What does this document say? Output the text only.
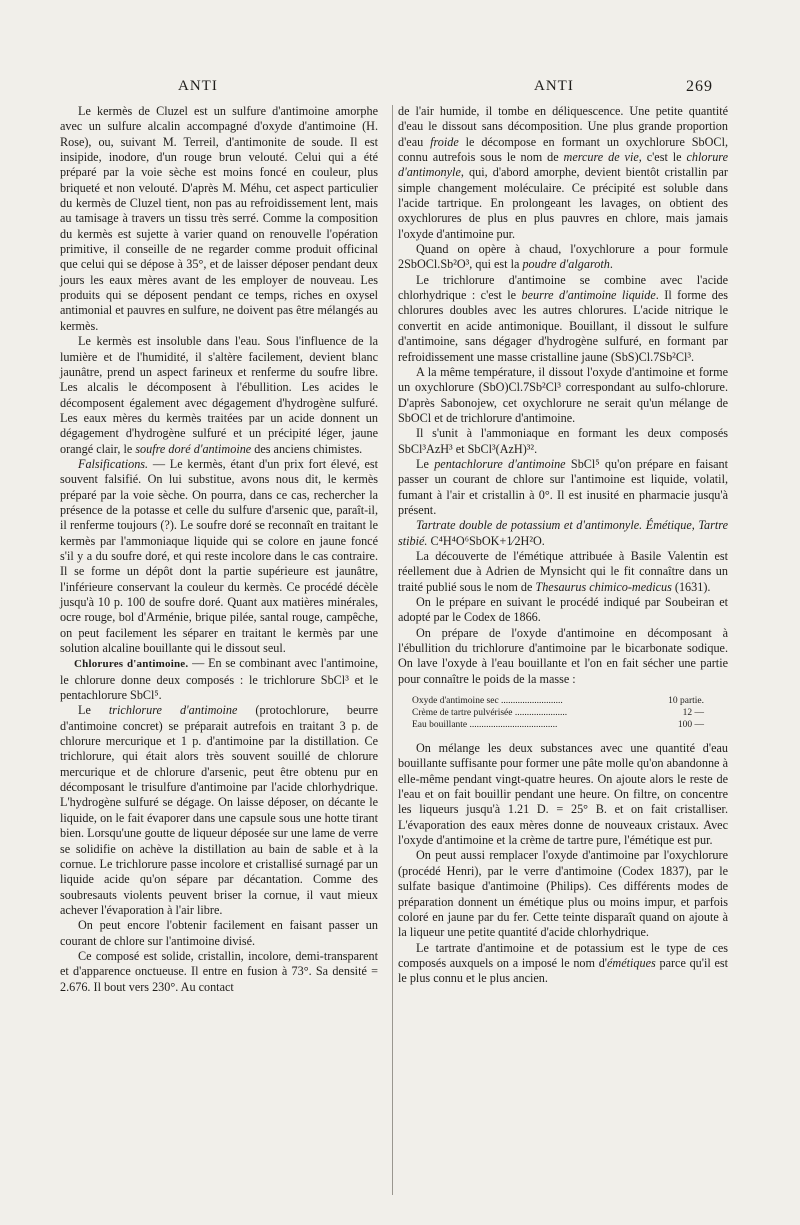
ANTI	ANTI	269

Le kermès de Cluzel est un sulfure d'antimoine amorphe avec un sulfure alcalin accompagné d'oxyde d'antimoine (H. Rose), ou, suivant M. Terreil, d'antimonite de soude. Il est insipide, inodore, d'un rouge brun velouté. Celui qui a été préparé par la voie sèche est moins foncé en couleur, plus briqueté et non velouté. D'après M. Méhu, cet aspect particulier du kermès de Cluzel tient, non pas au refroidissement lent, mais au tamisage à travers un tissu très serré. Comme la composition du kermès est sujette à varier quand on renouvelle l'opération primitive, il conseille de ne regarder comme produit officinal que celui qui se dépose à 35°, et de laisser déposer pendant deux jours les eaux mères avant de les employer de nouveau. Les produits qui se déposent pendant ce temps, riches en oxysel antimonial et pauvres en sulfure, ne doivent pas être mélangés au kermès.

Le kermès est insoluble dans l'eau. Sous l'influence de la lumière et de l'humidité, il s'altère facilement, devient blanc jaunâtre, prend un aspect farineux et renferme du soufre libre. Les alcalis le décomposent à l'ébullition. Les acides le décomposent également avec dégagement d'hydrogène sulfuré. Les eaux mères du kermès traitées par un acide donnent un dégagement d'hydrogène sulfuré et un précipité léger, jaune orangé clair, le soufre doré d'antimoine des anciens chimistes.

Falsifications. — Le kermès, étant d'un prix fort élevé, est souvent falsifié. On lui substitue, avons nous dit, le kermès préparé par la voie sèche. On pourra, dans ce cas, rechercher la présence de la potasse et celle du sulfure d'arsenic que, paraît-il, il renferme toujours (?). Le soufre doré se reconnaît en traitant le kermès par l'ammoniaque liquide qui se colore en jaune foncé s'il y a du soufre doré, et qui reste incolore dans le cas contraire. Il se forme un dépôt dont la partie supérieure est jaunâtre, l'inférieure conservant la couleur du kermès. Ce procédé décèle jusqu'à 10 p. 100 de soufre doré. Quant aux matières minérales, ocre rouge, bol d'Arménie, brique pilée, santal rouge, campêche, on peut facilement les séparer en traitant le kermès par une solution alcaline bouillante qui le dissout seul.

Chlorures d'antimoine. — En se combinant avec l'antimoine, le chlorure donne deux composés : le trichlorure SbCl³ et le pentachlorure SbCl⁵.

Le trichlorure d'antimoine (protochlorure, beurre d'antimoine concret) se préparait autrefois en traitant 3 p. de chlorure mercurique et 1 p. d'antimoine par la distillation. Ce trichlorure, qui était alors très souvent souillé de chlorure mercurique et de chlorure d'arsenic, peut être obtenu pur en décomposant le trisulfure d'antimoine par l'acide chlorhydrique. L'hydrogène sulfuré se dégage. On laisse déposer, on décante le liquide, on le fait évaporer dans une capsule sous une hotte tirant bien. Lorsqu'une goutte de liqueur déposée sur une lame de verre se solidifie on achève la distillation au bain de sable et à la cornue. Le trichlorure passe incolore et cristallisé surnagé par un liquide acide qu'on sépare par décantation. Comme des soubresauts violents peuvent briser la cornue, il vaut mieux achever l'évaporation à l'air libre.

On peut encore l'obtenir facilement en faisant passer un courant de chlore sur l'antimoine divisé.

Ce composé est solide, cristallin, incolore, demi-transparent et d'apparence onctueuse. Il entre en fusion à 73°. Sa densité = 2.676. Il bout vers 230°. Au contact

de l'air humide, il tombe en déliquescence. Une petite quantité d'eau le dissout sans décomposition. Une plus grande proportion d'eau froide le décompose en formant un oxychlorure SbOCl, connu autrefois sous le nom de mercure de vie, c'est le chlorure d'antimonyle, qui, d'abord amorphe, devient bientôt cristallin par simple changement moléculaire. Ce précipité est soluble dans l'acide tartrique. En prolongeant les lavages, on obtient des oxychlorures de plus en plus pauvres en chlore, mais jamais l'oxyde d'antimoine pur.

Quand on opère à chaud, l'oxychlorure a pour formule 2SbOCl.Sb²O³, qui est la poudre d'algaroth.

Le trichlorure d'antimoine se combine avec l'acide chlorhydrique : c'est le beurre d'antimoine liquide. Il forme des chlorures doubles avec les autres chlorures. L'acide nitrique le convertit en acide antimonique. Bouillant, il dissout le sulfure d'antimoine, sans dégager d'hydrogène sulfuré, en formant par refroidissement une masse cristalline jaune (SbS)Cl.7Sb²Cl³.

A la même température, il dissout l'oxyde d'antimoine et forme un oxychlorure (SbO)Cl.7Sb²Cl³ correspondant au sulfo-chlorure. D'après Sabonojew, cet oxychlorure ne serait qu'un mélange de SbOCl et de trichlorure d'antimoine.

Il s'unit à l'ammoniaque en formant les deux composés SbCl³AzH³ et SbCl³(AzH)³².

Le pentachlorure d'antimoine SbCl⁵ qu'on prépare en faisant passer un courant de chlore sur l'antimoine est liquide, volatil, fumant à l'air et cristallin à 0°. Il est inusité en pharmacie jusqu'à présent.

Tartrate double de potassium et d'antimonyle. Émétique, Tartre stibié. C⁴H⁴O⁶SbOK+1⁄2H²O.

La découverte de l'émétique attribuée à Basile Valentin est réellement due à Adrien de Mynsicht qui le fit connaître dans un traité publié sous le nom de Thesaurus chimico-medicus (1631).

On le prépare en suivant le procédé indiqué par Soubeiran et adopté par le Codex de 1866.

On prépare de l'oxyde d'antimoine en décomposant à l'ébullition du trichlorure d'antimoine par le bicarbonate sodique. On lave l'oxyde à l'eau bouillante et l'on en fait sécher une partie pour connaître le poids de la masse :

Oxyde d'antimoine sec ..........................	10 partie.
Crème de tartre pulvérisée ......................	12 —
Eau bouillante .....................................	100 —

On mélange les deux substances avec une quantité d'eau bouillante suffisante pour former une pâte molle qu'on abandonne à elle-même pendant vingt-quatre heures. On ajoute alors le reste de l'eau et on fait bouillir pendant une heure. On filtre, on concentre les liqueurs jusqu'à 1.21 D. = 25° B. et on fait cristalliser. L'évaporation des eaux mères donne de nouveaux cristaux. Avec l'oxyde d'antimoine et la crème de tartre pure, l'émétique est pur.

On peut aussi remplacer l'oxyde d'antimoine par l'oxychlorure (procédé Henri), par le verre d'antimoine (Codex 1837), par le sulfate basique d'antimoine (Philips). Ces différents modes de préparation donnent un émétique plus ou moins impur, et parfois coloré en jaune par du fer. Cette teinte disparaît quand on ajoute à la liqueur une petite quantité d'acide chlorhydrique.

Le tartrate d'antimoine et de potassium est le type de ces composés auxquels on a imposé le nom d'émétiques parce qu'il est le plus connu et le plus ancien.
